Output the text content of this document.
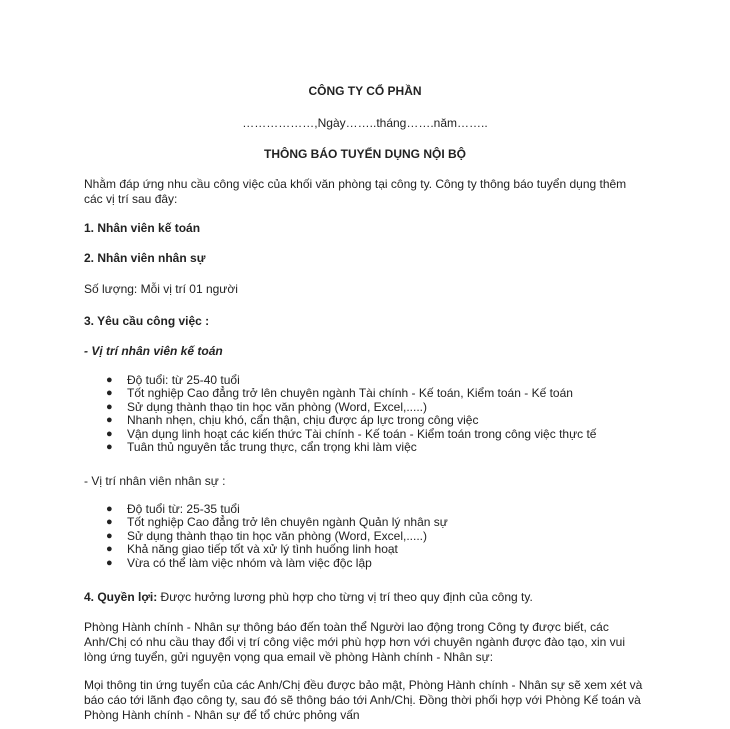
CÔNG TY CỔ PHẦN
………………,Ngày……..tháng…….năm……..
THÔNG BÁO TUYỂN DỤNG NỘI BỘ
Nhằm đáp ứng nhu cầu công việc của khối văn phòng tại công ty. Công ty thông báo tuyển dụng thêm
các vị trí sau đây:
1. Nhân viên kế toán
2. Nhân viên nhân sự
Số lượng: Mỗi vị trí 01 người
3. Yêu cầu công việc :
- Vị trí nhân viên kế toán
● Độ tuổi: từ 25-40 tuổi
● Tốt nghiệp Cao đẳng trở lên chuyên ngành Tài chính - Kế toán, Kiểm toán - Kế toán
● Sử dụng thành thạo tin học văn phòng (Word, Excel,.....)
● Nhanh nhẹn, chịu khó, cẩn thận, chịu được áp lực trong công việc
● Vận dụng linh hoạt các kiến thức Tài chính - Kế toán - Kiểm toán trong công việc thực tế
● Tuân thủ nguyên tắc trung thực, cẩn trọng khi làm việc
- Vị trí nhân viên nhân sự :
● Độ tuổi từ: 25-35 tuổi
● Tốt nghiệp Cao đẳng trở lên chuyên ngành Quản lý nhân sự
● Sử dụng thành thạo tin học văn phòng (Word, Excel,.....)
● Khả năng giao tiếp tốt và xử lý tình huống linh hoạt
● Vừa có thể làm việc nhóm và làm việc độc lập
4. Quyền lợi: Được hưởng lương phù hợp cho từng vị trí theo quy định của công ty.
Phòng Hành chính - Nhân sự thông báo đến toàn thể Người lao động trong Công ty được biết, các
Anh/Chị có nhu cầu thay đổi vị trí công việc mới phù hợp hơn với chuyên ngành được đào tạo, xin vui
lòng ứng tuyển, gửi nguyện vọng qua email về phòng Hành chính - Nhân sự:
Mọi thông tin ứng tuyển của các Anh/Chị đều được bảo mật, Phòng Hành chính - Nhân sự sẽ xem xét và
báo cáo tới lãnh đạo công ty, sau đó sẽ thông báo tới Anh/Chị. Đồng thời phối hợp với Phòng Kế toán và
Phòng Hành chính - Nhân sự để tổ chức phỏng vấn
